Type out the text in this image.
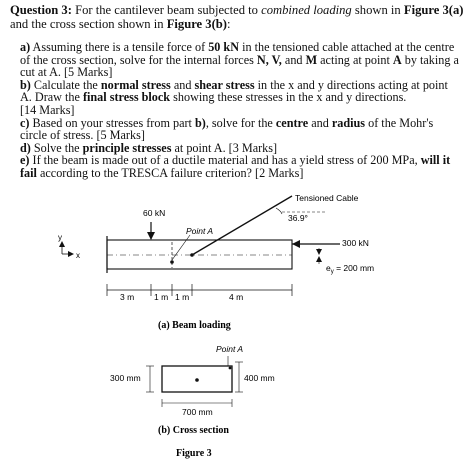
Question 3: For the cantilever beam subjected to combined loading shown in Figure 3(a) and the cross section shown in Figure 3(b):

a) Assuming there is a tensile force of 50 kN in the tensioned cable attached at the centre of the cross section, solve for the internal forces N, V, and M acting at point A by taking a cut at A. [5 Marks]

b) Calculate the normal stress and shear stress in the x and y directions acting at point A. Draw the final stress block showing these stresses in the x and y directions.

[14 Marks]

c) Based on your stresses from part b), solve for the centre and radius of the Mohr's circle of stress. [5 Marks]

d) Solve the principle stresses at point A. [3 Marks]

e) If the beam is made out of a ductile material and has a yield stress of 200 MPa, will it fail according to the TRESCA failure criterion? [2 Marks]

y
x
60 kN
Point A
Tensioned Cable
36.9°
300 kN
$e_y = 200$ mm
3 m 1 m 1 m	4 m
(a) Beam loading
Point A
300 mm	400 mm
700 mm
(b) Cross section
Figure 3
